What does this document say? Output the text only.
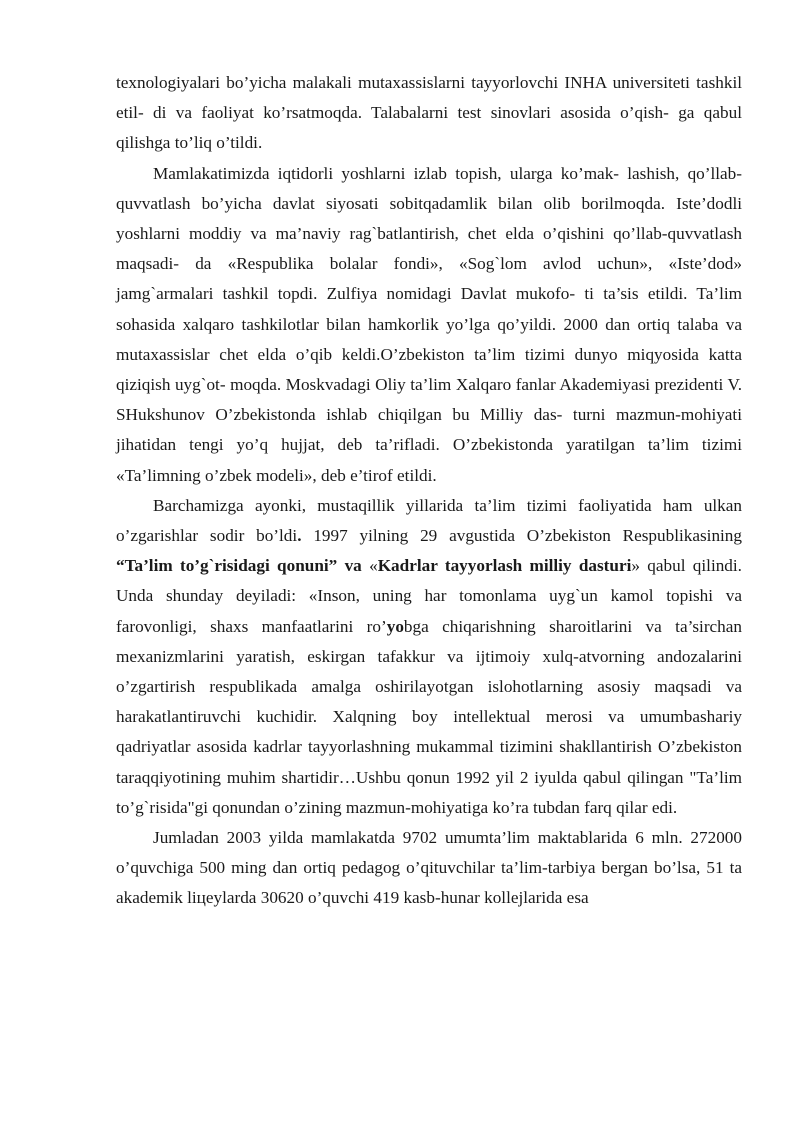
texnologiyalari bo’yicha malakali mutaxassislarni tayyorlovchi INHA universiteti tashkil etil- di va faoliyat ko’rsatmoqda. Talabalarni test sinovlari asosida o’qish- ga qabul qilishga to’liq o’tildi.

Mamlakatimizda iqtidorli yoshlarni izlab topish, ularga ko’mak- lashish, qo’llab-quvvatlash bo’yicha davlat siyosati sobitqadamlik bilan olib borilmoqda. Iste’dodli yoshlarni moddiy va ma’naviy rag`batlantirish, chet elda o’qishini qo’llab-quvvatlash maqsadi- da «Respublika bolalar fondi», «Sog`lom avlod uchun», «Iste’dod» jamg`armalari tashkil topdi. Zulfiya nomidagi Davlat mukofo- ti ta’sis etildi. Ta’lim sohasida xalqaro tashkilotlar bilan hamkorlik yo’lga qo’yildi. 2000 dan ortiq talaba va mutaxassislar chet elda o’qib keldi.O’zbekiston ta’lim tizimi dunyo miqyosida katta qiziqish uyg`ot- moqda. Moskvadagi Oliy ta’lim Xalqaro fanlar Akademiyasi prezidenti V. SHukshunov O’zbekistonda ishlab chiqilgan bu Milliy das- turni mazmun-mohiyati jihatidan tengi yo’q hujjat, deb ta’rifladi. O’zbekistonda yaratilgan ta’lim tizimi «Ta’limning o’zbek modeli», deb e’tirof etildi.

Barchamizga ayonki, mustaqillik yillarida ta’lim tizimi faoliyatida ham ulkan o’zgarishlar sodir bo’ldi. 1997 yilning 29 avgustida O’zbekiston Respublikasining “Ta’lim to’g`risidagi qonuni” va «Kadrlar tayyorlash milliy dasturi» qabul qilindi. Unda shunday deyiladi: «Inson, uning har tomonlama uyg`un kamol topishi va farovonligi, shaxs manfaatlarini ro’yobga chiqarishning sharoitlarini va ta’sirchan mexanizmlarini yaratish, eskirgan tafakkur va ijtimoiy xulq-atvorning andozalarini o’zgartirish respublikada amalga oshirilayotgan islohotlarning asosiy maqsadi va harakatlantiruvchi kuchidir. Xalqning boy intellektual merosi va umumbashariy qadriyatlar asosida kadrlar tayyorlashning mukammal tizimini shakllantirish O’zbekiston taraqqiyotining muhim shartidir…Ushbu qonun 1992 yil 2 iyulda qabul qilingan "Ta’lim to’g`risida"gi qonundan o’zining mazmun-mohiyatiga ko’ra tubdan farq qilar edi.

Jumladan 2003 yilda mamlakatda 9702 umumta’lim maktablarida 6 mln. 272000 o’quvchiga 500 ming dan ortiq pedagog o’qituvchilar ta’lim-tarbiya bergan bo’lsa, 51 ta akademik liцeylarda 30620 o’quvchi 419 kasb-hunar kollejlarida esa
